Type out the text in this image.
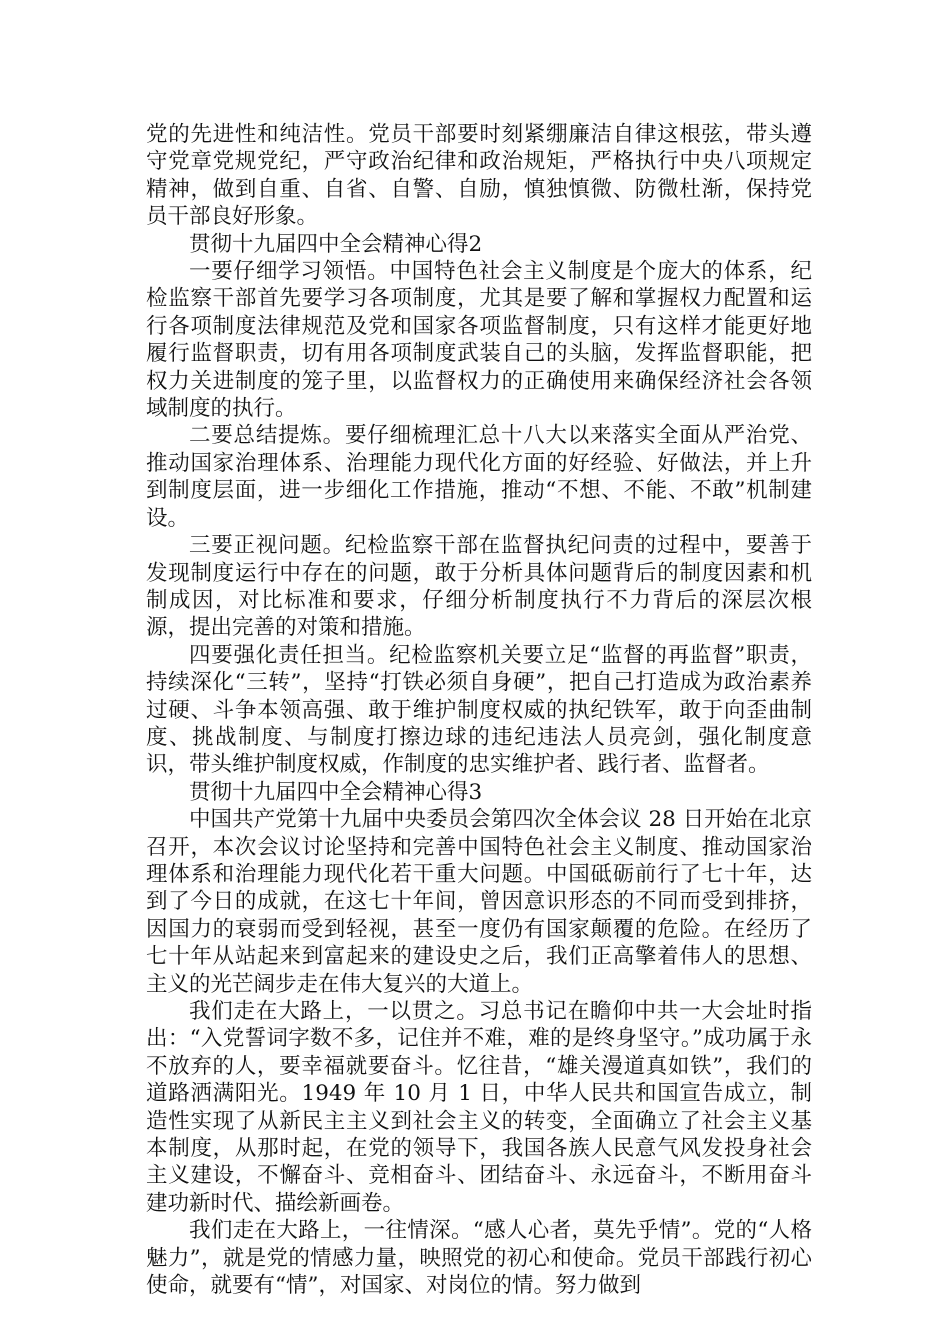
党的先进性和纯洁性。党员干部要时刻紧绷廉洁自律这根弦，带头遵守党章党规党纪，严守政治纪律和政治规矩，严格执行中央八项规定精神，做到自重、自省、自警、自励，慎独慎微、防微杜渐，保持党员干部良好形象。

贯彻十九届四中全会精神心得2

一要仔细学习领悟。中国特色社会主义制度是个庞大的体系，纪检监察干部首先要学习各项制度，尤其是要了解和掌握权力配置和运行各项制度法律规范及党和国家各项监督制度，只有这样才能更好地履行监督职责，切有用各项制度武装自己的头脑，发挥监督职能，把权力关进制度的笼子里，以监督权力的正确使用来确保经济社会各领域制度的执行。

二要总结提炼。要仔细梳理汇总十八大以来落实全面从严治党、推动国家治理体系、治理能力现代化方面的好经验、好做法，并上升到制度层面，进一步细化工作措施，推动“不想、不能、不敢”机制建设。

三要正视问题。纪检监察干部在监督执纪问责的过程中，要善于发现制度运行中存在的问题，敢于分析具体问题背后的制度因素和机制成因，对比标准和要求，仔细分析制度执行不力背后的深层次根源，提出完善的对策和措施。

四要强化责任担当。纪检监察机关要立足“监督的再监督”职责，持续深化“三转”，坚持“打铁必须自身硬”，把自己打造成为政治素养过硬、斗争本领高强、敢于维护制度权威的执纪铁军，敢于向歪曲制度、挑战制度、与制度打擦边球的违纪违法人员亮剑，强化制度意识，带头维护制度权威，作制度的忠实维护者、践行者、监督者。

贯彻十九届四中全会精神心得3

中国共产党第十九届中央委员会第四次全体会议 28 日开始在北京召开，本次会议讨论坚持和完善中国特色社会主义制度、推动国家治理体系和治理能力现代化若干重大问题。中国砥砺前行了七十年，达到了今日的成就，在这七十年间，曾因意识形态的不同而受到排挤，因国力的衰弱而受到轻视，甚至一度仍有国家颠覆的危险。在经历了七十年从站起来到富起来的建设史之后，我们正高擎着伟人的思想、主义的光芒阔步走在伟大复兴的大道上。

我们走在大路上，一以贯之。习总书记在瞻仰中共一大会址时指出：“入党誓词字数不多，记住并不难，难的是终身坚守。”成功属于永不放弃的人，要幸福就要奋斗。忆往昔，“雄关漫道真如铁”，我们的道路洒满阳光。1949 年 10 月 1 日，中华人民共和国宣告成立，制造性实现了从新民主主义到社会主义的转变，全面确立了社会主义基本制度，从那时起，在党的领导下，我国各族人民意气风发投身社会主义建设，不懈奋斗、竞相奋斗、团结奋斗、永远奋斗，不断用奋斗建功新时代、描绘新画卷。

我们走在大路上，一往情深。“感人心者，莫先乎情”。党的“人格魅力”，就是党的情感力量，映照党的初心和使命。党员干部践行初心使命，就要有“情”，对国家、对岗位的情。努力做到
